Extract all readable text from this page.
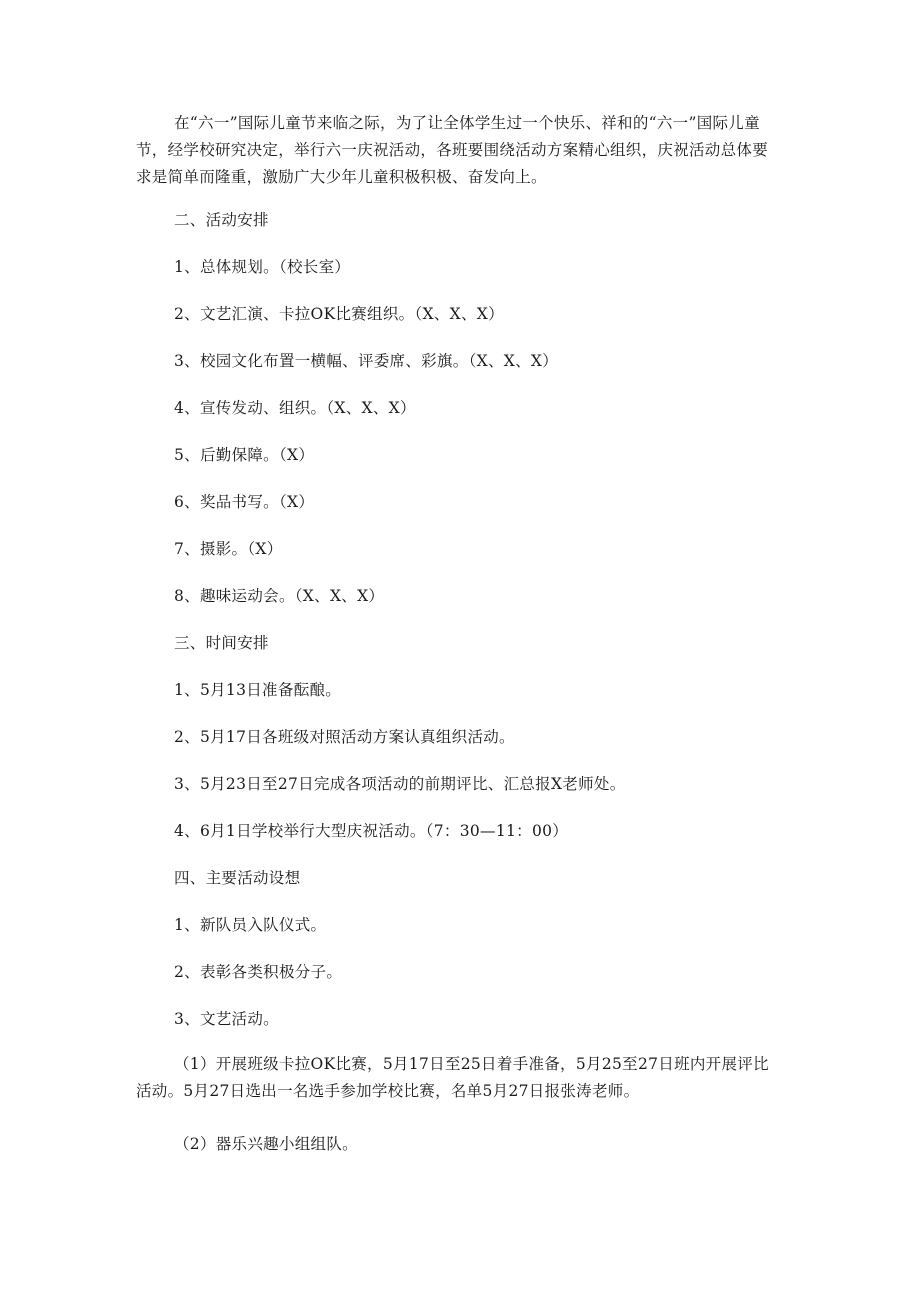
在“六一”国际儿童节来临之际，为了让全体学生过一个快乐、祥和的“六一”国际儿童节，经学校研究决定，举行六一庆祝活动，各班要围绕活动方案精心组织，庆祝活动总体要求是简单而隆重，激励广大少年儿童积极积极、奋发向上。

二、活动安排

1、总体规划。（校长室）

2、文艺汇演、卡拉OK比赛组织。（X、X、X）

3、校园文化布置一横幅、评委席、彩旗。（X、X、X）

4、宣传发动、组织。（X、X、X）

5、后勤保障。（X）

6、奖品书写。（X）

7、摄影。（X）

8、趣味运动会。（X、X、X）

三、时间安排

1、5月13日准备酝酿。

2、5月17日各班级对照活动方案认真组织活动。

3、5月23日至27日完成各项活动的前期评比、汇总报X老师处。

4、6月1日学校举行大型庆祝活动。（7：30—11：00）

四、主要活动设想

1、新队员入队仪式。

2、表彰各类积极分子。

3、文艺活动。

（1）开展班级卡拉OK比赛，5月17日至25日着手准备，5月25至27日班内开展评比活动。5月27日选出一名选手参加学校比赛，名单5月27日报张涛老师。

（2）器乐兴趣小组组队。
